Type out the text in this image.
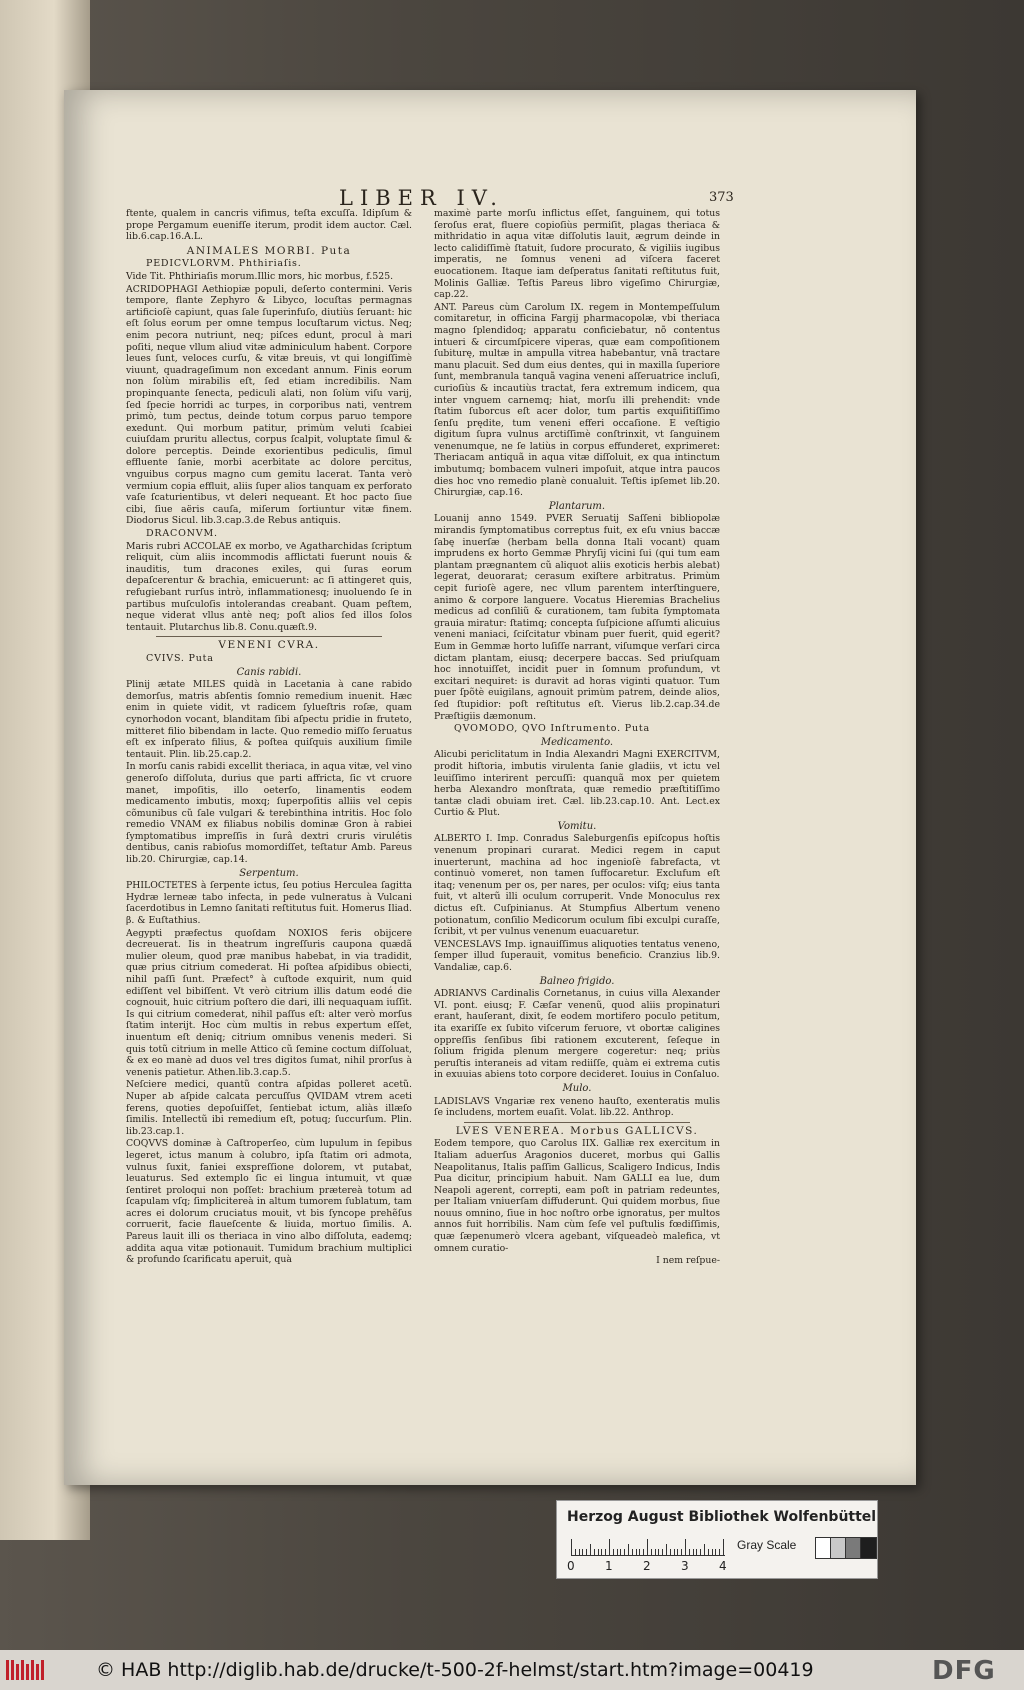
LIBER IV.	373

ftente, qualem in cancris vifimus, teſta excuſſa. Idipſum & prope Pergamum euenifſe iterum, prodit idem auctor. Cæl. lib.6.cap.16.A.L.

ANIMALES MORBI. Puta

PEDICVLORVM. Phthiriaſis.

Vide Tit. Phthiriaſis morum.Illic mors, hic morbus, f.525.

ACRIDOPHAGI Aethiopiæ populi, deſerto contermini. Veris tempore, flante Zephyro & Libyco, locuſtas permagnas artificioſè capiunt, quas ſale ſuperinfuſo, diutiùs ſeruant: hic eſt ſolus eorum per omne tempus locuſtarum victus. Neq; enim pecora nutriunt, neq; piſces edunt, procul à mari poſiti, neque vllum aliud vitæ adminiculum habent. Corpore leues ſunt, veloces curſu, & vitæ breuis, vt qui longiſſimè viuunt, quadrageſimum non excedant annum. Finis eorum non ſolùm mirabilis eſt, ſed etiam incredibilis. Nam propinquante ſenecta, pediculi alati, non ſolùm viſu varij, ſed ſpecie horridi ac turpes, in corporibus nati, ventrem primò, tum pectus, deinde totum corpus paruo tempore exedunt. Qui morbum patitur, primùm veluti ſcabiei cuiuſdam pruritu allectus, corpus ſcalpit, voluptate ſimul & dolore perceptis. Deinde exorientibus pediculis, ſimul effluente ſanie, morbi acerbitate ac dolore percitus, vnguibus corpus magno cum gemitu lacerat. Tanta verò vermium copia effluit, aliis ſuper alios tanquam ex perforato vaſe ſcaturientibus, vt deleri nequeant. Et hoc pacto ſiue cibi, ſiue aëris cauſa, miſerum ſortiuntur vitæ finem. Diodorus Sicul. lib.3.cap.3.de Rebus antiquis.

DRACONVM.

Maris rubri ACCOLAE ex morbo, ve Agatharchidas ſcriptum reliquit, cùm aliis incommodis afflictati fuerunt nouis & inauditis, tum dracones exiles, qui ſuras eorum depaſcerentur & brachia, emicuerunt: ac ſi attingeret quis, refugiebant rurſus intrò, inflammationesq; inuoluendo ſe in partibus muſculoſis intolerandas creabant. Quam peſtem, neque viderat vllus antè neq; poſt alios ſed illos ſolos tentauit. Plutarchus lib.8. Conu.quæſt.9.

VENENI CVRA.

CVIVS. Puta

Canis rabidi.

Plinij ætate MILES quidà in Lacetania à cane rabido demorſus, matris abſentis ſomnio remedium inuenit. Hæc enim in quiete vidit, vt radicem ſylueſtris roſæ, quam cynorhodon vocant, blanditam ſibi aſpectu pridie in frutetο, mitteret filio bibendam in lacte. Quo remedio miſſo ſeruatus eſt ex inſperato filius, & poſtea quiſquis auxilium ſimile tentauit. Plin. lib.25.cap.2.

In morſu canis rabidi excellit theriaca, in aqua vitæ, vel vino generoſo diſſoluta, durius que parti affricta, ſic vt cruore manet, impoſitis, illo oeterſo, linamentis eodem medicamento imbutis, moxq; ſuperpoſitis alliis vel cepis cõmunibus cũ ſale vulgari & terebinthina intritis. Hoc ſolo remedio VNAM ex filiabus nobilis dominæ Gron à rabiei ſymptomatibus impreſſis in ſurâ dextri cruris virulétis dentibus, canis rabioſus momordiſſet, teſtatur Amb. Pareus lib.20. Chirurgiæ, cap.14.

Serpentum.

PHILOCTETES à ſerpente ictus, ſeu potius Herculea ſagitta Hydræ lerneæ tabo infecta, in pede vulneratus à Vulcani ſacerdotibus in Lemno ſanitati reſtitutus fuit. Homerus Iliad. β. & Euſtathius.

Aegypti præfectus quoſdam NOXIOS feris obijcere decreuerat. Iis in theatrum ingreſſuris caupona quædã mulier oleum, quod præ manibus habebat, in via tradidit, quæ prius citrium comederat. Hi poſtea aſpidibus obiecti, nihil paſſi ſunt. Præfect° à cuſtode exquirit, num quid ediſſent vel bibiſſent. Vt verò citrium illis datum eodé die cognouit, huic citrium poſtero die dari, illi nequaquam iuſſit. Is qui citrium comederat, nihil paſſus eſt: alter verò morſus ſtatim interijt. Hoc cùm multis in rebus expertum eſſet, inuentum eſt deniq; citrium omnibus venenis mederi. Si quis totũ citrium in melle Attico cũ ſemine coctum diſſoluat, & ex eo manè ad duos vel tres digitos ſumat, nihil prorſus à venenis patietur. Athen.lib.3.cap.5.

Neſciere medici, quantũ contra aſpidas polleret acetũ. Nuper ab aſpide calcata percuſſus QVIDAM vtrem aceti ferens, quoties depoſuiſſet, ſentiebat ictum, aliàs illæſo ſimilis. Intellectũ ibi remedium eſt, potuq; ſuccurſum. Plin. lib.23.cap.1.

COQVVS dominæ à Caſtroperſeo, cùm lupulum in ſepibus legeret, ictus manum à colubro, ipſa ſtatim ori admota, vulnus ſuxit, faniei exspreſſione dolorem, vt putabat, leuaturus. Sed extemplo ſic ei lingua intumuit, vt quæ ſentiret proloqui non poſſet: brachium prætereà totum ad ſcapulam vſq; ſimplicitereà in altum tumorem ſublatum, tam acres ei dolorum cruciatus mouit, vt bis ſyncope prehẽſus corruerit, facie flaueſcente & liuida, mortuo ſimilis. A. Pareus lauit illi os theriaca in vino albo diſſoluta, eademq; addita aqua vitæ potionauit. Tumidum brachium multiplici & profundo ſcarificatu aperuit, quà

maximè parte morſu inflictus eſſet, ſanguinem, qui totus ſeroſus erat, fluere copioſiùs permiſit, plagas theriaca & mithridatio in aqua vitæ diſſolutis lauit, ægrum deinde in lecto calidiſſimè ſtatuit, ſudore procurato, & vigiliis iugibus imperatis, ne ſomnus veneni ad viſcera faceret euocationem. Itaque iam deſperatus ſanitati reſtitutus fuit, Molinis Galliæ. Teſtis Pareus libro vigeſimo Chirurgiæ, cap.22.

ANT. Pareus cùm Carolum IX. regem in Montempeſſulum comitaretur, in officina Fargij pharmacopolæ, vbi theriaca magno ſplendidoq; apparatu conficiebatur, nõ contentus intueri & circumſpicere viperas, quæ eam compoſitionem ſubiturę, multæ in ampulla vitrea habebantur, vnã tractare manu placuit. Sed dum eius dentes, qui in maxilla ſuperiore ſunt, membranula tanquã vagina veneni aſſeruatrice incluſi, curioſiùs & incautiùs tractat, fera extremum indicem, qua inter vnguem carnemq; hiat, morſu illi prehendit: vnde ſtatim ſuborcus eſt acer dolor, tum partis exquiſitiſſimo ſenſu prędite, tum veneni efferi occaſione. E veſtigio digitum ſupra vulnus arctiſſimè conſtrinxit, vt ſanguinem venenumque, ne ſe latiùs in corpus effunderet, exprimeret: Theriacam antiquã in aqua vitæ diſſoluit, ex qua intinctum imbutumq; bombacem vulneri impoſuit, atque intra paucos dies hoc vno remedio planè conualuit. Teſtis ipſemet lib.20. Chirurgiæ, cap.16.

Plantarum.

Louanij anno 1549. PVER Seruatij Saſſeni bibliopolæ mirandis ſymptomatibus correptus fuit, ex eſu vnius baccæ ſabę inuerſæ (herbam bella donna Itali vocant) quam imprudens ex horto Gemmæ Phryſij vicini ſui (qui tum eam plantam prægnantem cũ aliquot aliis exoticis herbis alebat) legerat, deuorarat; cerasum exiſtere arbitratus. Primùm cepit furioſè agere, nec vllum parentem interſtinguere, animo & corpore languere. Vocatus Hieremias Brachelius medicus ad conſiliũ & curationem, tam ſubita ſymptomata grauia miratur: ſtatimq; concepta ſuſpicione aſſumti alicuius veneni maniaci, ſciſcitatur vbinam puer fuerit, quid egerit? Eum in Gemmæ horto luſiſſe narrant, viſumque verſari circa dictam plantam, eiusq; decerpere baccas. Sed priuſquam hoc innotuiſſet, incidit puer in ſomnum profundum, vt excitari nequiret: is duravit ad horas viginti quatuor. Tum puer ſpõtè euigilans, agnouit primùm patrem, deinde alios, ſed ſtupidior: poſt reſtitutus eſt. Vierus lib.2.cap.34.de Præſtigiis dæmonum.

QVOMODO, QVO Inſtrumento. Puta

Medicamento.

Alicubi periclitatum in India Alexandri Magni EXERCITVM, prodit hiſtoria, imbutis virulenta ſanie gladiis, vt ictu vel leuiſſimo interirent percuſſi: quanquã mox per quietem herba Alexandro monſtrata, quæ remedio præſtitiſſimo tantæ cladi obuiam iret. Cæl. lib.23.cap.10. Ant. Lect.ex Curtio & Plut.

Vomitu.

ALBERTO I. Imp. Conradus Saleburgenſis epiſcopus hoſtis venenum propinari curarat. Medici regem in caput inuerterunt, machina ad hoc ingenioſè fabrefacta, vt continuò vomeret, non tamen ſuffocaretur. Exclufum eſt itaq; venenum per os, per nares, per oculos: viſq; eius tanta fuit, vt alterũ illi oculum corruperit. Vnde Monoculus rex dictus eſt. Cuſpinianus. At Stumpfius Albertum veneno potionatum, conſilio Medicorum oculum ſibi exculpi curaſſe, ſcribit, vt per vulnus venenum euacuaretur.

VENCESLAVS Imp. ignauiſſimus aliquoties tentatus veneno, ſemper illud ſuperauit, vomitus beneficio. Cranzius lib.9. Vandaliæ, cap.6.

Balneo frigido.

ADRIANVS Cardinalis Cornetanus, in cuius villa Alexander VI. pont. eiusq; F. Cæſar venenũ, quod aliis propinaturi erant, hauſerant, dixit, ſe eodem mortifero poculo petitum, ita exariſſe ex ſubito viſcerum feruore, vt obortæ caligines oppreſſis ſenſibus ſibi rationem excuterent, ſeſeque in ſolium frigida plenum mergere cogeretur: neq; priùs peruſtis interaneis ad vitam rediiſſe, quàm ei extrema cutis in exuuias abiens toto corpore decideret. Iouius in Conſaluo.

Mulo.

LADISLAVS Vngariæ rex veneno hauſto, exenteratis mulis ſe includens, mortem euaſit. Volat. lib.22. Anthrop.

LVES VENEREA. Morbus GALLICVS.

Eodem tempore, quo Carolus IIX. Galliæ rex exercitum in Italiam aduerſus Aragonios duceret, morbus qui Gallis Neapolitanus, Italis paſſim Gallicus, Scaligero Indicus, Indis Pua dicitur, principium habuit. Nam GALLI ea lue, dum Neapoli agerent, correpti, eam poſt in patriam redeuntes, per Italiam vniuerſam diffuderunt. Qui quidem morbus, ſiue nouus omnino, ſiue in hoc noſtro orbe ignoratus, per multos annos fuit horribilis. Nam cùm ſeſe vel puſtulis fœdiſſimis, quæ ſæpenumerò vlcera agebant, viſqueadeò malefica, vt omnem curatio-

I nem reſpue-

Herzog August Bibliothek Wolfenbüttel
0	1	2	3	4
Gray Scale
© HAB http://diglib.hab.de/drucke/t-500-2f-helmst/start.htm?image=00419	DFG
